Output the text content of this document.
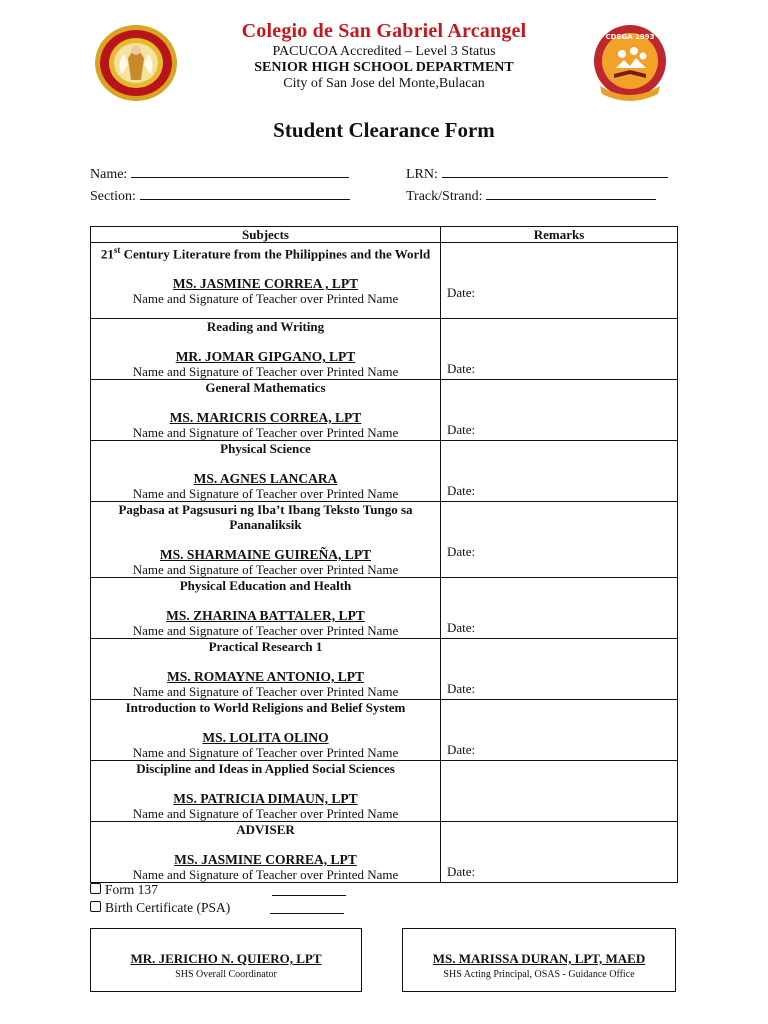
Colegio de San Gabriel Arcangel
PACUCOA Accredited – Level 3 Status
SENIOR HIGH SCHOOL DEPARTMENT
City of San Jose del Monte,Bulacan
CDSGA 1993
Student Clearance Form
Name:	LRN:
Section:	Track/Strand:
Subjects	Remarks

21st Century Literature from the Philippines and the World
MS. JASMINE CORREA , LPT
Name and Signature of Teacher over Printed Name	Date:

Reading and Writing
MR. JOMAR GIPGANO, LPT
Name and Signature of Teacher over Printed Name	Date:

General Mathematics
MS. MARICRIS CORREA, LPT
Name and Signature of Teacher over Printed Name	Date:

Physical Science
MS. AGNES LANCARA
Name and Signature of Teacher over Printed Name	Date:

Pagbasa at Pagsusuri ng Iba’t Ibang Teksto Tungo sa Pananaliksik
MS. SHARMAINE GUIREÑA, LPT
Name and Signature of Teacher over Printed Name	Date:

Physical Education and Health
MS. ZHARINA BATTALER, LPT
Name and Signature of Teacher over Printed Name	Date:

Practical Research 1
MS. ROMAYNE ANTONIO, LPT
Name and Signature of Teacher over Printed Name	Date:

Introduction to World Religions and Belief System
MS. LOLITA OLINO
Name and Signature of Teacher over Printed Name	Date:

Discipline and Ideas in Applied Social Sciences
MS. PATRICIA DIMAUN, LPT
Name and Signature of Teacher over Printed Name	

ADVISER
MS. JASMINE CORREA, LPT
Name and Signature of Teacher over Printed Name	Date:
Form 137
Birth Certificate (PSA)
MR. JERICHO N. QUIERO, LPT
SHS Overall Coordinator
MS. MARISSA DURAN, LPT, MAED
SHS Acting Principal, OSAS - Guidance Office
